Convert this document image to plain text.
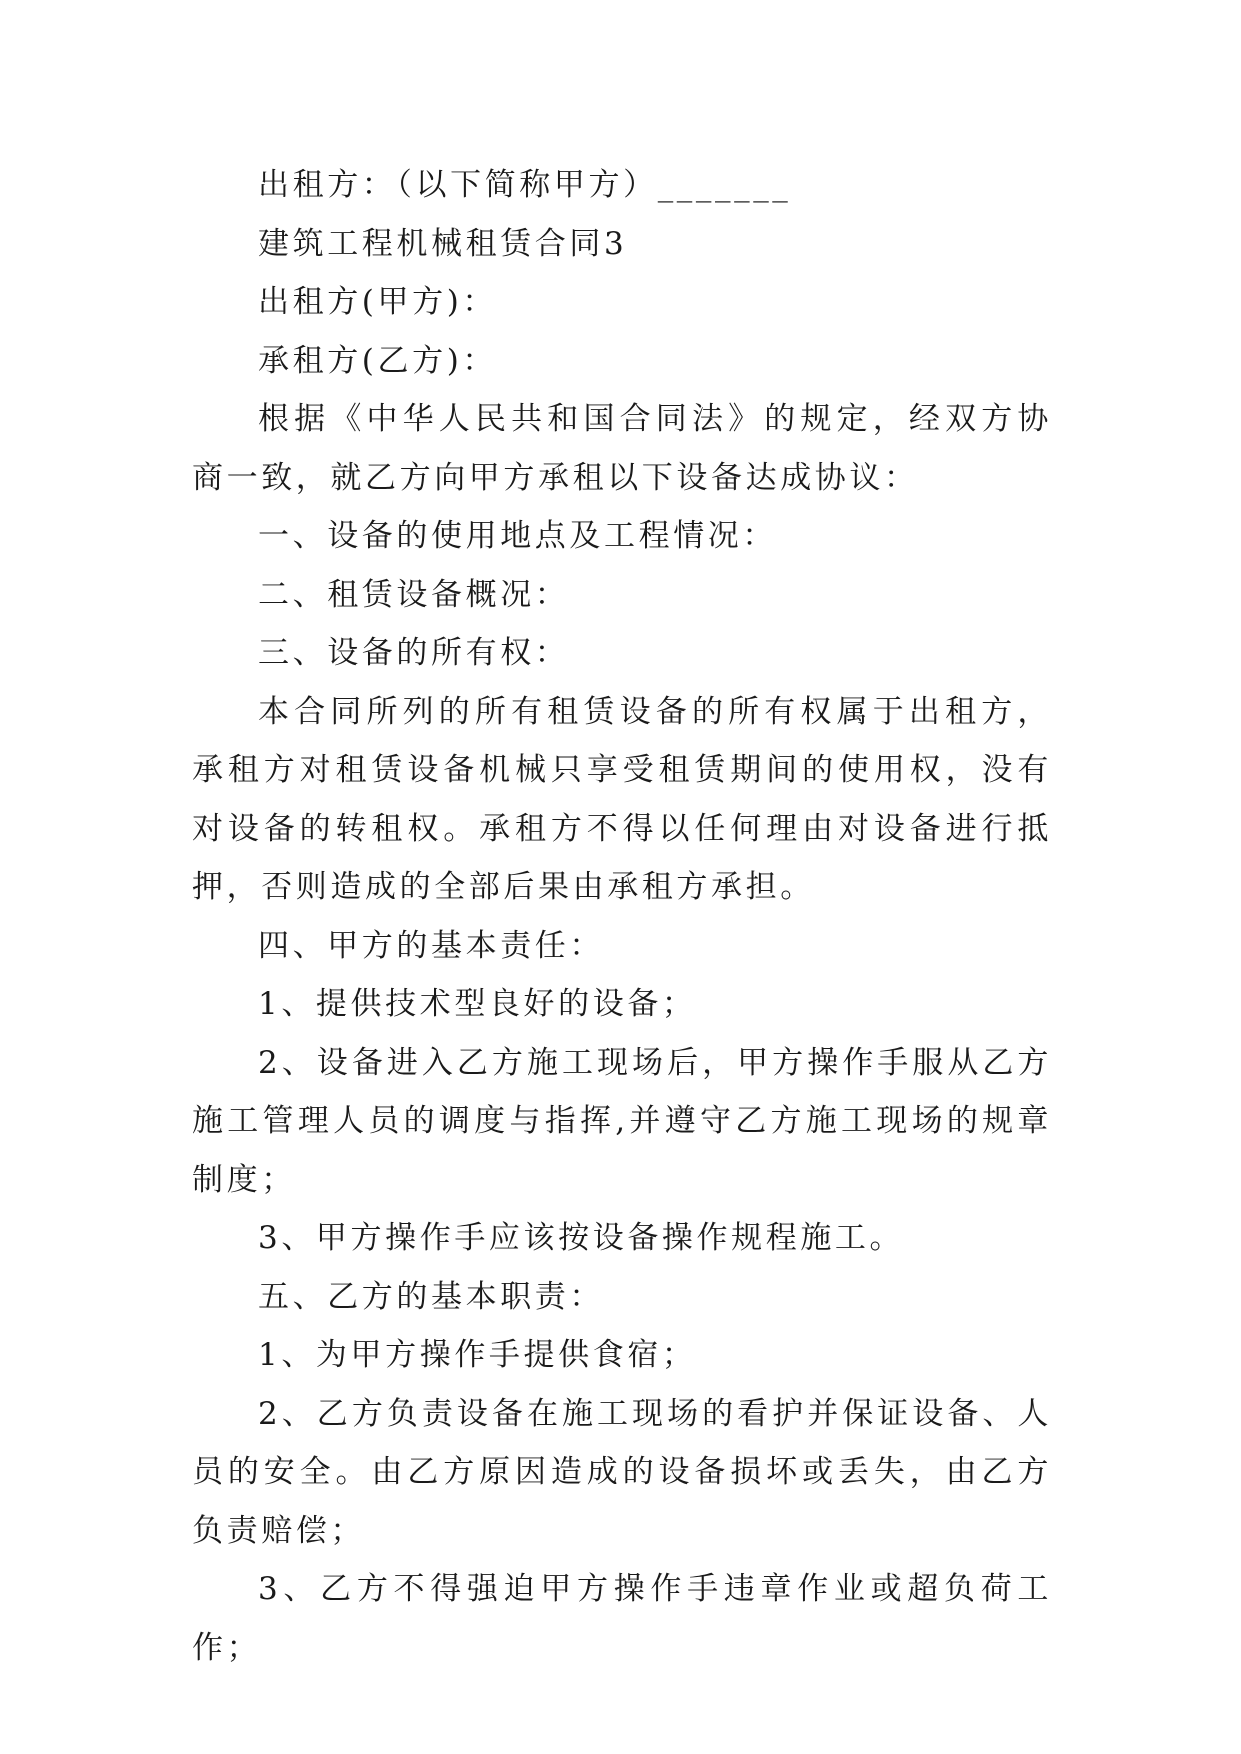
出租方：（以下简称甲方）_______

建筑工程机械租赁合同3

出租方(甲方)：

承租方(乙方)：

根据《中华人民共和国合同法》的规定，经双方协商一致，就乙方向甲方承租以下设备达成协议：

一、设备的使用地点及工程情况：

二、租赁设备概况：

三、设备的所有权：

本合同所列的所有租赁设备的所有权属于出租方，承租方对租赁设备机械只享受租赁期间的使用权，没有对设备的转租权。承租方不得以任何理由对设备进行抵押，否则造成的全部后果由承租方承担。

四、甲方的基本责任：

1、提供技术型良好的设备；

2、设备进入乙方施工现场后，甲方操作手服从乙方施工管理人员的调度与指挥,并遵守乙方施工现场的规章制度；

3、甲方操作手应该按设备操作规程施工。

五、乙方的基本职责：

1、为甲方操作手提供食宿；

2、乙方负责设备在施工现场的看护并保证设备、人员的安全。由乙方原因造成的设备损坏或丢失，由乙方负责赔偿；

3、乙方不得强迫甲方操作手违章作业或超负荷工作；
